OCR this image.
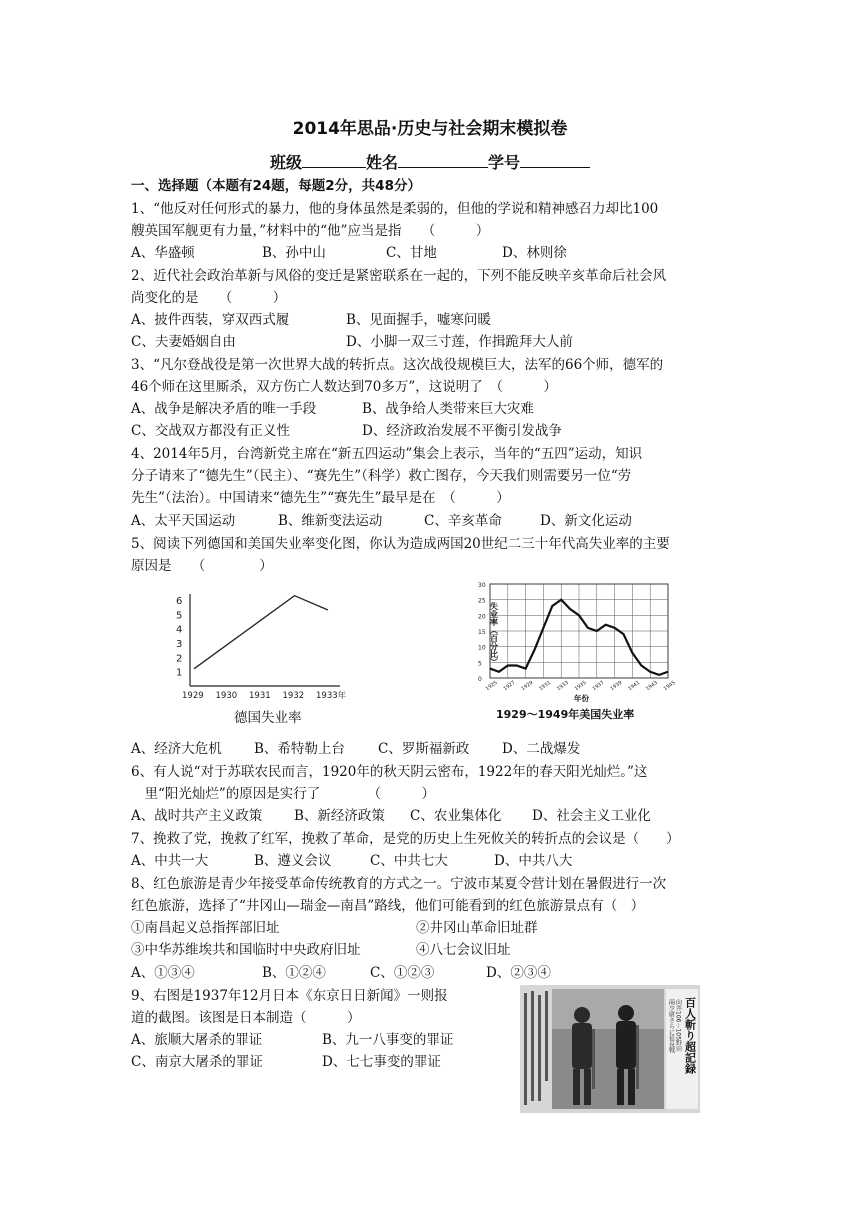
2014年思品·历史与社会期末模拟卷
班级	姓名	学号
一、选择题（本题有24题，每题2分，共48分）
1、“他反对任何形式的暴力，他的身体虽然是柔弱的，但他的学说和精神感召力却比100
艘英国军舰更有力量，”材料中的“他”应当是指　　（　　　）
A、华盛顿	B、孙中山	C、甘地	D、林则徐
2、近代社会政治革新与风俗的变迁是紧密联系在一起的，下列不能反映辛亥革命后社会风
尚变化的是　　（　　　）
A、披件西装，穿双西式履	B、见面握手，嘘寒问暖
C、夫妻婚姻自由	D、小脚一双三寸莲，作揖跪拜大人前
3、“凡尔登战役是第一次世界大战的转折点。这次战役规模巨大，法军的66个师，德军的
46个师在这里厮杀，双方伤亡人数达到70多万”，这说明了　（　　　）
A、战争是解决矛盾的唯一手段	B、战争给人类带来巨大灾难
C、交战双方都没有正义性	D、经济政治发展不平衡引发战争
4、2014年5月，台湾新党主席在“新五四运动”集会上表示，当年的“五四”运动，知识
分子请来了“德先生”（民主）、“赛先生”（科学）救亡图存，今天我们则需要另一位“劳
先生”（法治）。中国请来“德先生”“赛先生”最早是在　（　　　）
A、太平天国运动	B、维新变法运动	C、辛亥革命	D、新文化运动
5、阅读下列德国和美国失业率变化图，你认为造成两国20世纪二三十年代高失业率的主要
原因是　　（　　　　）
1
2
3
4
5
6
1929 1930 1931 1932 1933年
德国失业率
0
5
10
15
20
25
30
1925 1927 1929 1931 1933 1935 1937 1939 1941 1943 1945
失业率（百分比）
年份
1929～1949年美国失业率
A、经济大危机 B、希特勒上台 C、罗斯福新政 D、二战爆发
6、有人说“对于苏联农民而言，1920年的秋天阴云密布，1922年的春天阳光灿烂。”这
　里“阳光灿烂”的原因是实行了　　　　（　　　）
A、战时共产主义政策 B、新经济政策 C、农业集体化 D、社会主义工业化
7、挽救了党，挽救了红军，挽救了革命，是党的历史上生死攸关的转折点的会议是（　　）
A、中共一大	B、遵义会议	C、中共七大	D、中共八大
8、红色旅游是青少年接受革命传统教育的方式之一。宁波市某夏令营计划在暑假进行一次
红色旅游，选择了“井冈山—瑞金—南昌”路线，他们可能看到的红色旅游景点有（　）
①南昌起义总指挥部旧址	②井冈山革命旧址群
③中华苏维埃共和国临时中央政府旧址	④八七会议旧址
A、①③④	B、①②④	C、①②③	D、②③④
9、右图是1937年12月日本《东京日日新闻》一则报
道的截图。该图是日本制造（　　　）
A、旅顺大屠杀的罪证	B、九一八事变的罪证
C、南京大屠杀的罪证	D、七七事变的罪证	百人斬り超記録
向井106－105野田
兩少尉さらに延長戦
